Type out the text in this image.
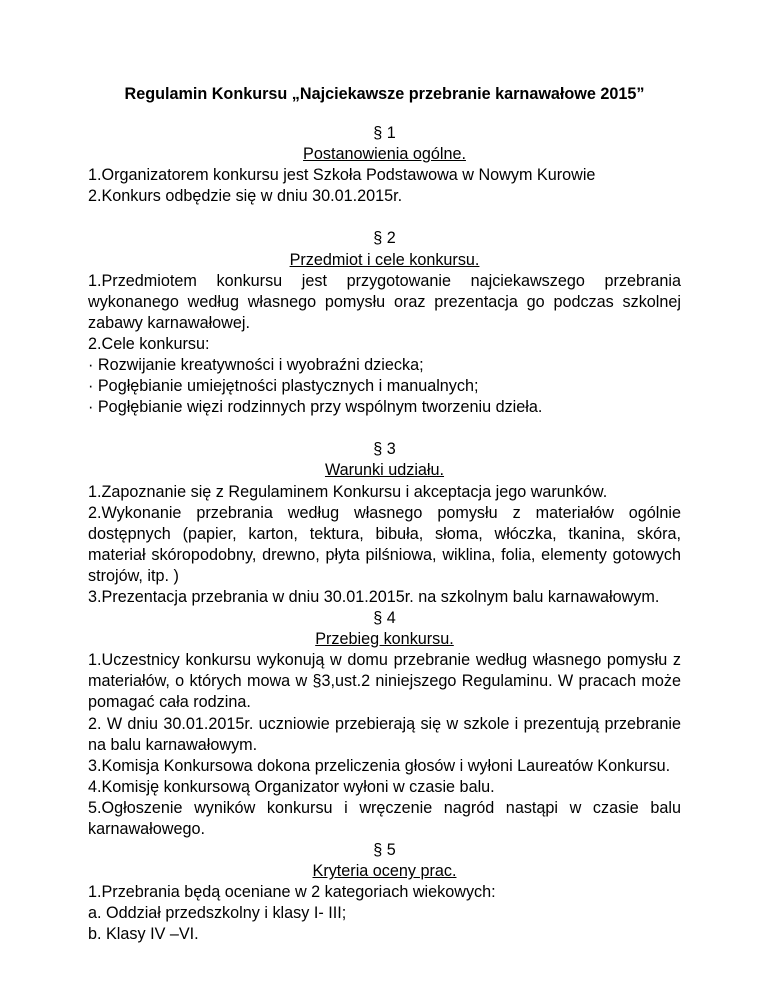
Regulamin Konkursu „Najciekawsze przebranie karnawałowe 2015”

§ 1

Postanowienia ogólne.

1.Organizatorem konkursu jest Szkoła Podstawowa w Nowym Kurowie

2.Konkurs odbędzie się w dniu 30.01.2015r.

§ 2

Przedmiot i cele konkursu.

1.Przedmiotem konkursu jest przygotowanie najciekawszego przebrania wykonanego według własnego pomysłu oraz prezentacja go podczas szkolnej zabawy karnawałowej.

2.Cele konkursu:

· Rozwijanie kreatywności i wyobraźni dziecka;

· Pogłębianie umiejętności plastycznych i manualnych;

· Pogłębianie więzi rodzinnych przy wspólnym tworzeniu dzieła.

§ 3

Warunki udziału.

1.Zapoznanie się z Regulaminem Konkursu i akceptacja jego warunków.

2.Wykonanie przebrania według własnego pomysłu z materiałów ogólnie dostępnych (papier, karton, tektura, bibuła, słoma, włóczka, tkanina, skóra, materiał skóropodobny, drewno, płyta pilśniowa, wiklina, folia, elementy gotowych strojów, itp. )

3.Prezentacja przebrania w dniu 30.01.2015r. na szkolnym balu karnawałowym.

§ 4

Przebieg konkursu.

1.Uczestnicy konkursu wykonują w domu przebranie według własnego pomysłu z materiałów, o których mowa w §3,ust.2 niniejszego Regulaminu. W pracach może pomagać cała rodzina.

2. W dniu 30.01.2015r. uczniowie przebierają się w szkole i prezentują przebranie na balu karnawałowym.

3.Komisja Konkursowa dokona przeliczenia głosów i wyłoni Laureatów Konkursu.

4.Komisję konkursową Organizator wyłoni w czasie balu.

5.Ogłoszenie wyników konkursu i wręczenie nagród nastąpi w czasie balu karnawałowego.

§ 5

Kryteria oceny prac.

1.Przebrania będą oceniane w 2 kategoriach wiekowych:

a. Oddział przedszkolny i klasy I- III;

b. Klasy IV –VI.
